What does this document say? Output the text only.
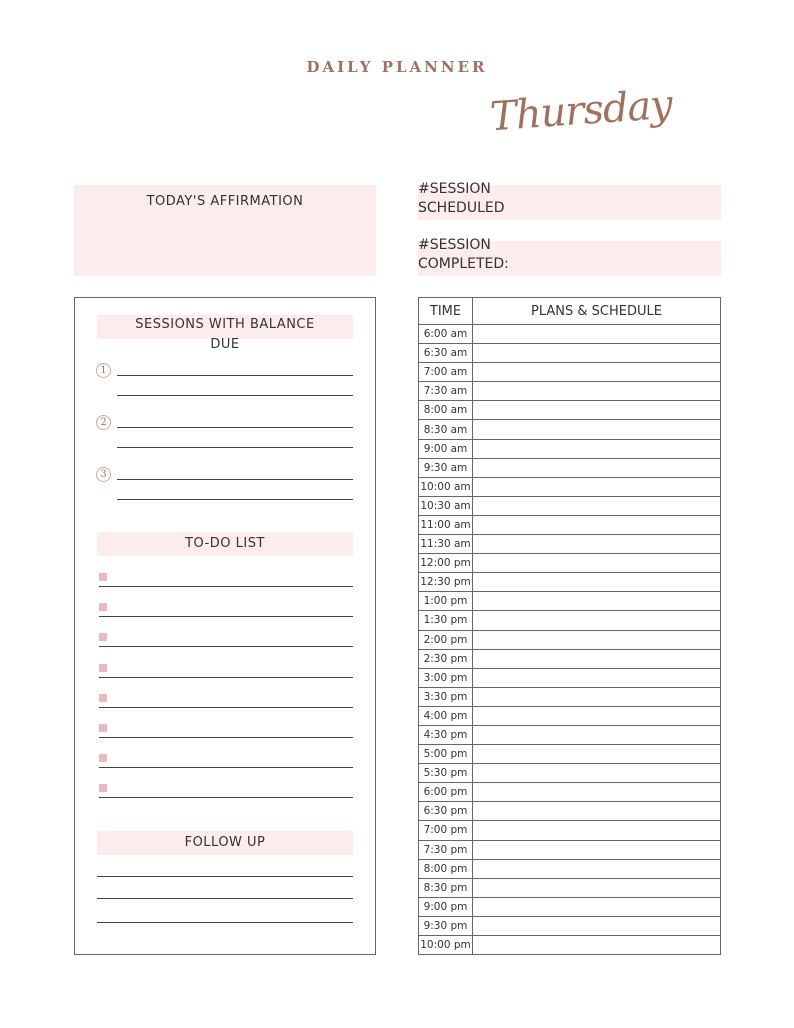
DAILY PLANNER
Thursday
TODAY'S AFFIRMATION
#SESSION SCHEDULED
#SESSION COMPLETED:
SESSIONS WITH BALANCE DUE
1
2
3
TO-DO LIST
FOLLOW UP
TIME	PLANS & SCHEDULE
6:00 am	
6:30 am	
7:00 am	
7:30 am	
8:00 am	
8:30 am	
9:00 am	
9:30 am	
10:00 am	
10:30 am	
11:00 am	
11:30 am	
12:00 pm	
12:30 pm	
1:00 pm	
1:30 pm	
2:00 pm	
2:30 pm	
3:00 pm	
3:30 pm	
4:00 pm	
4:30 pm	
5:00 pm	
5:30 pm	
6:00 pm	
6:30 pm	
7:00 pm	
7:30 pm	
8:00 pm	
8:30 pm	
9:00 pm	
9:30 pm	
10:00 pm	
